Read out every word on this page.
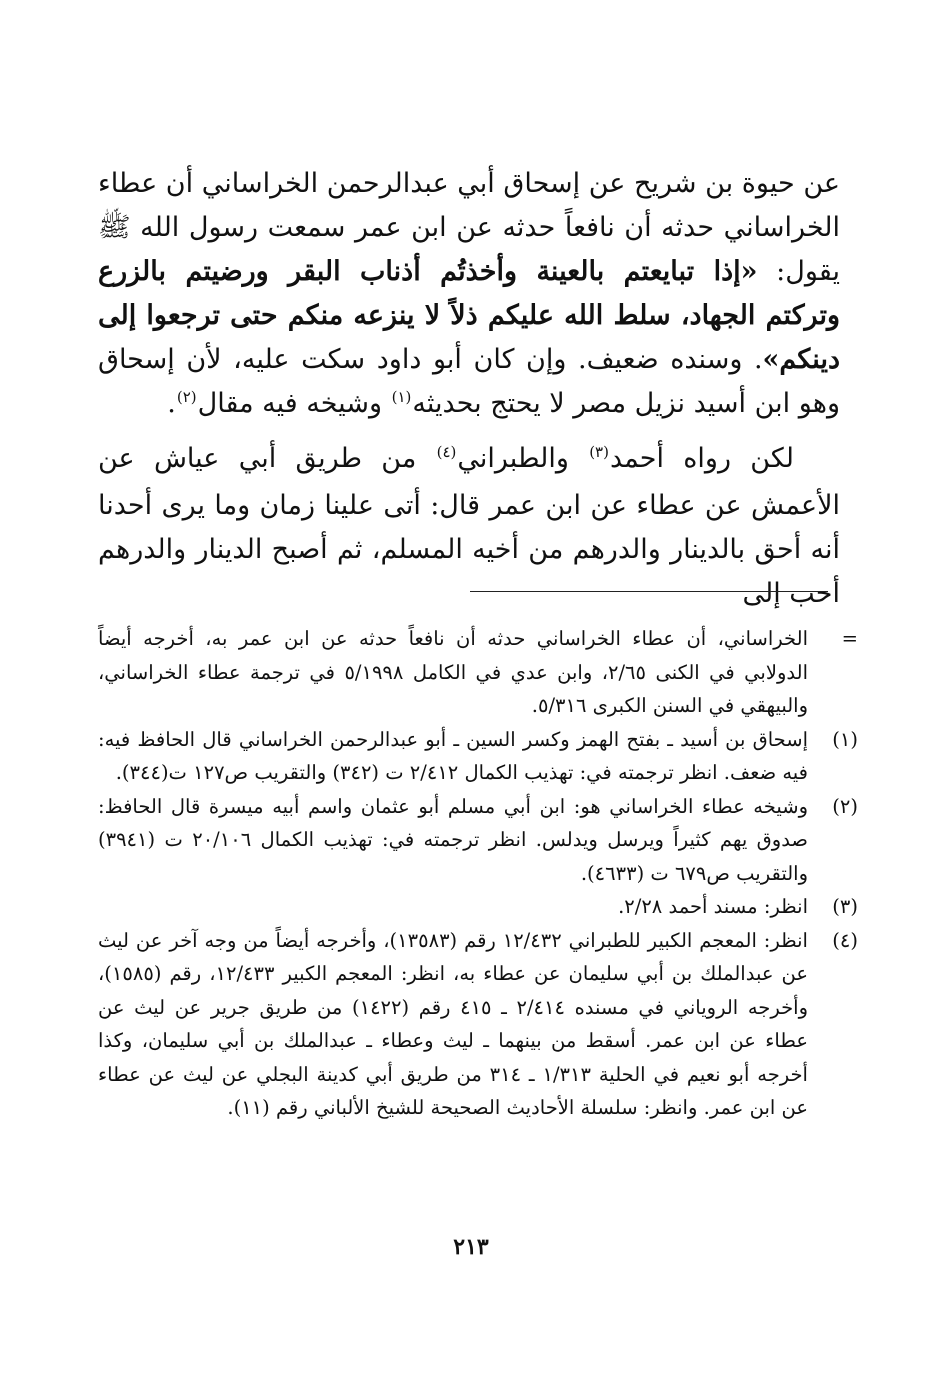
عن حيوة بن شريح عن إسحاق أبي عبدالرحمن الخراساني أن عطاء الخراساني حدثه أن نافعاً حدثه عن ابن عمر سمعت رسول الله ﷺ يقول: «إذا تبايعتم بالعينة وأخذتُم أذناب البقر ورضيتم بالزرع وتركتم الجهاد، سلط الله عليكم ذلاً لا ينزعه منكم حتى ترجعوا إلى دينكم». وسنده ضعيف. وإن كان أبو داود سكت عليه، لأن إسحاق وهو ابن أسيد نزيل مصر لا يحتج بحديثه$^{(١)}$ وشيخه فيه مقال$^{(٢)}$.

لكن رواه أحمد$^{(٣)}$ والطبراني$^{(٤)}$ من طريق أبي عياش عن الأعمش عن عطاء عن ابن عمر قال: أتى علينا زمان وما يرى أحدنا أنه أحق بالدينار والدرهم من أخيه المسلم، ثم أصبح الدينار والدرهم أحب إلى

=
الخراساني، أن عطاء الخراساني حدثه أن نافعاً حدثه عن ابن عمر به، أخرجه أيضاً الدولابي في الكنى ٢/٦٥، وابن عدي في الكامل ٥/١٩٩٨ في ترجمة عطاء الخراساني، والبيهقي في السنن الكبرى ٥/٣١٦.
(١)
إسحاق بن أسيد ـ بفتح الهمز وكسر السين ـ أبو عبدالرحمن الخراساني قال الحافظ فيه: فيه ضعف. انظر ترجمته في: تهذيب الكمال ٢/٤١٢ ت (٣٤٢) والتقريب ص١٢٧ ت(٣٤٤).
(٢)
وشيخه عطاء الخراساني هو: ابن أبي مسلم أبو عثمان واسم أبيه ميسرة قال الحافظ: صدوق يهم كثيراً ويرسل ويدلس. انظر ترجمته في: تهذيب الكمال ٢٠/١٠٦ ت (٣٩٤١) والتقريب ص٦٧٩ ت (٤٦٣٣).
(٣)
انظر: مسند أحمد ٢/٢٨.
(٤)
انظر: المعجم الكبير للطبراني ١٢/٤٣٢ رقم (١٣٥٨٣)، وأخرجه أيضاً من وجه آخر عن ليث عن عبدالملك بن أبي سليمان عن عطاء به، انظر: المعجم الكبير ١٢/٤٣٣، رقم (١٥٨٥)، وأخرجه الروياني في مسنده ٢/٤١٤ ـ ٤١٥ رقم (١٤٢٢) من طريق جرير عن ليث عن عطاء عن ابن عمر. أسقط من بينهما ـ ليث وعطاء ـ عبدالملك بن أبي سليمان، وكذا أخرجه أبو نعيم في الحلية ١/٣١٣ ـ ٣١٤ من طريق أبي كدينة البجلي عن ليث عن عطاء عن ابن عمر. وانظر: سلسلة الأحاديث الصحيحة للشيخ الألباني رقم (١١).
٢١٣
